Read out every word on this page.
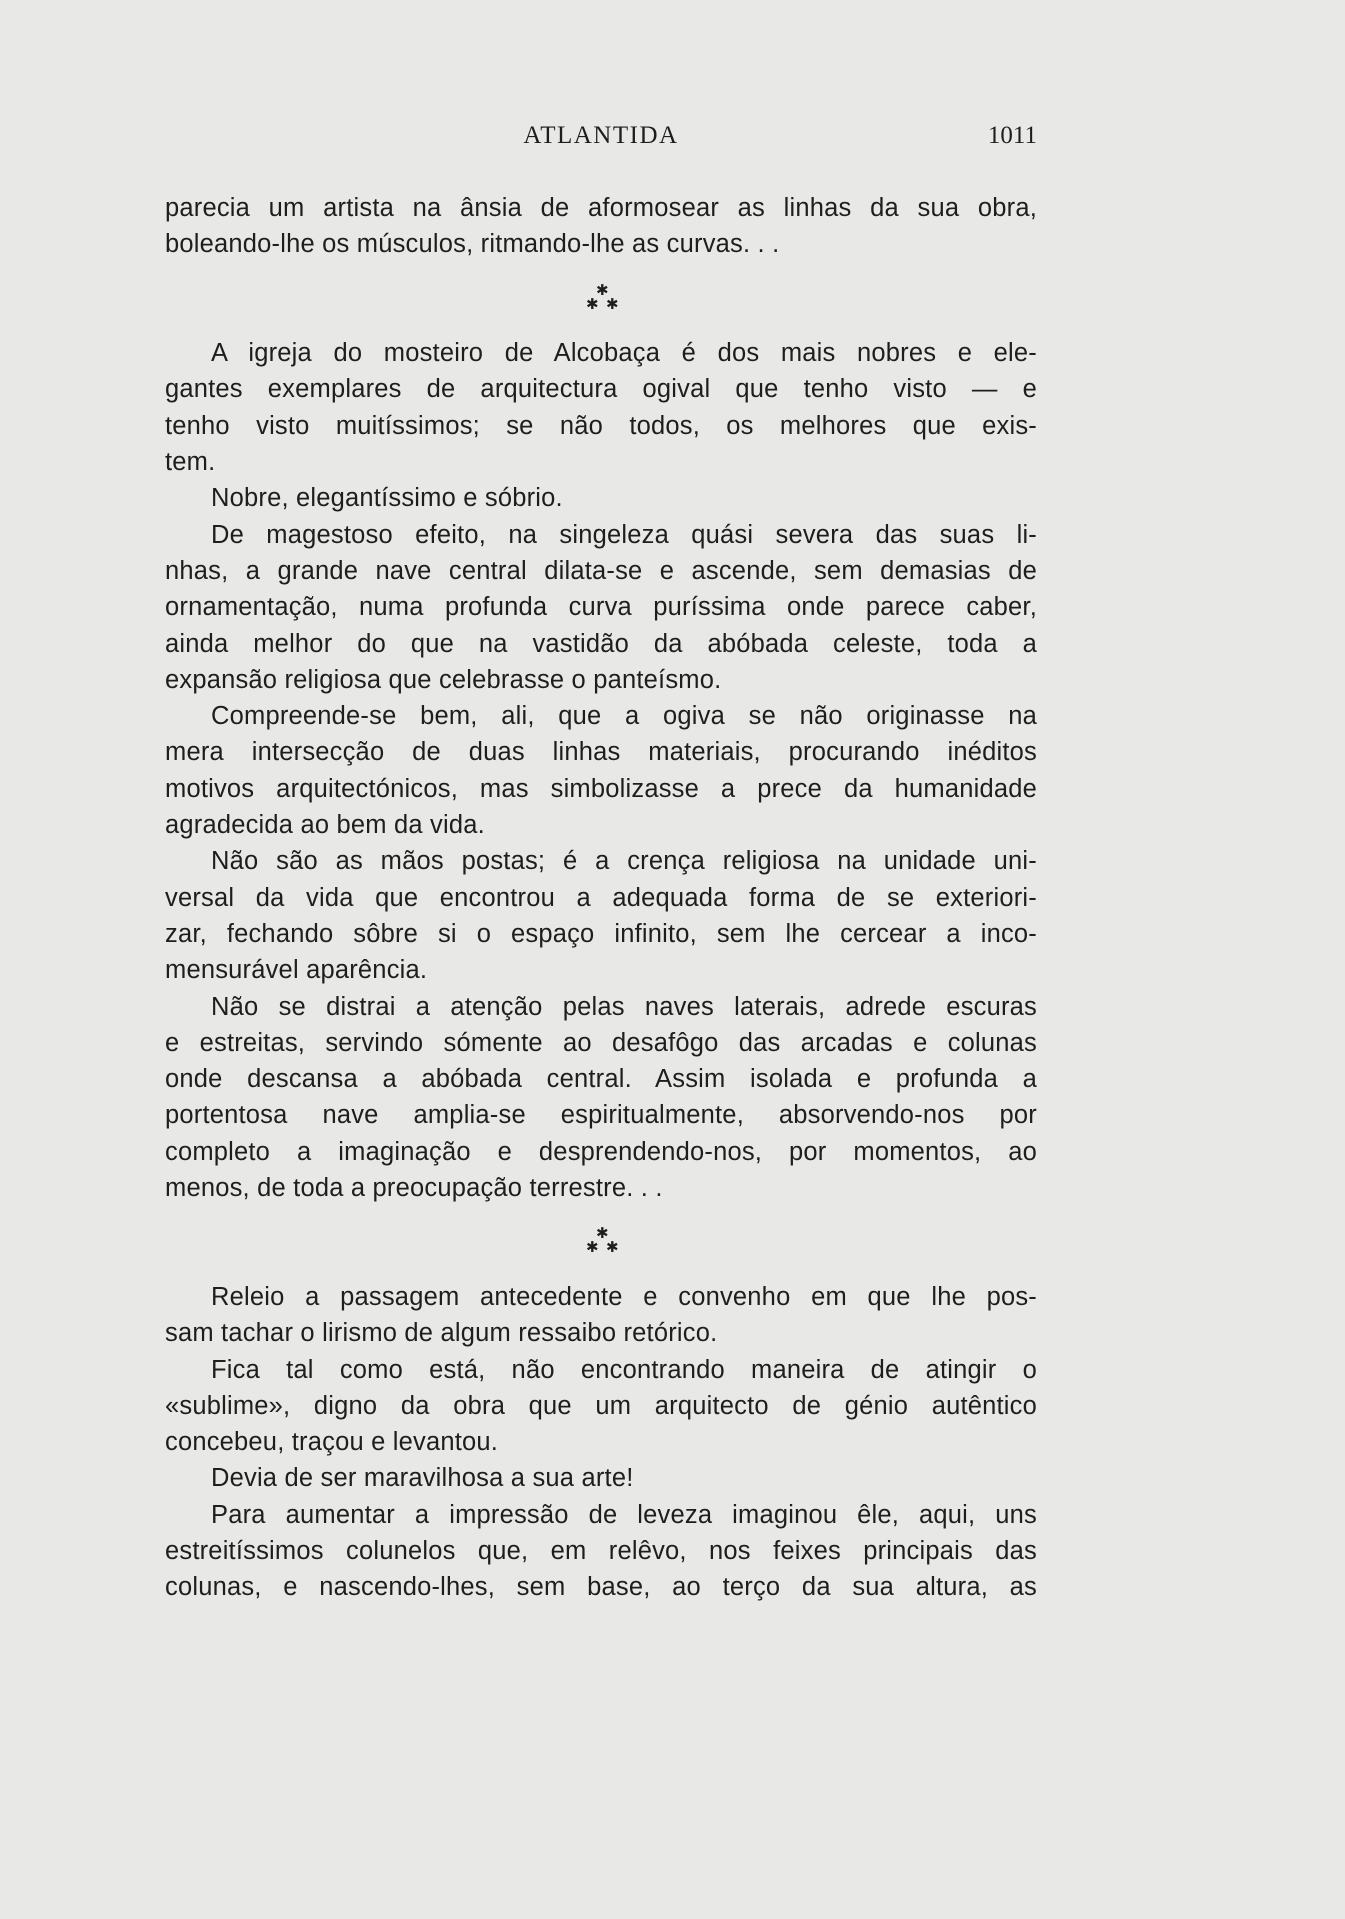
ATLANTIDA	1011
parecia um artista na ânsia de aformosear as linhas da sua obra,
boleando-lhe os músculos, ritmando-lhe as curvas. . .
✱
✱ ✱
A igreja do mosteiro de Alcobaça é dos mais nobres e ele-
gantes exemplares de arquitectura ogival que tenho visto — e
tenho visto muitíssimos; se não todos, os melhores que exis-
tem.
Nobre, elegantíssimo e sóbrio.
De magestoso efeito, na singeleza quási severa das suas li-
nhas, a grande nave central dilata-se e ascende, sem demasias de
ornamentação, numa profunda curva puríssima onde parece caber,
ainda melhor do que na vastidão da abóbada celeste, toda a
expansão religiosa que celebrasse o panteísmo.
Compreende-se bem, ali, que a ogiva se não originasse na
mera intersecção de duas linhas materiais, procurando inéditos
motivos arquitectónicos, mas simbolizasse a prece da humanidade
agradecida ao bem da vida.
Não são as mãos postas; é a crença religiosa na unidade uni-
versal da vida que encontrou a adequada forma de se exteriori-
zar, fechando sôbre si o espaço infinito, sem lhe cercear a inco-
mensurável aparência.
Não se distrai a atenção pelas naves laterais, adrede escuras
e estreitas, servindo sómente ao desafôgo das arcadas e colunas
onde descansa a abóbada central. Assim isolada e profunda a
portentosa nave amplia-se espiritualmente, absorvendo-nos por
completo a imaginação e desprendendo-nos, por momentos, ao
menos, de toda a preocupação terrestre. . .
✱
✱ ✱
Releio a passagem antecedente e convenho em que lhe pos-
sam tachar o lirismo de algum ressaibo retórico.
Fica tal como está, não encontrando maneira de atingir o
«sublime», digno da obra que um arquitecto de génio autêntico
concebeu, traçou e levantou.
Devia de ser maravilhosa a sua arte!
Para aumentar a impressão de leveza imaginou êle, aqui, uns
estreitíssimos colunelos que, em relêvo, nos feixes principais das
colunas, e nascendo-lhes, sem base, ao terço da sua altura, as
